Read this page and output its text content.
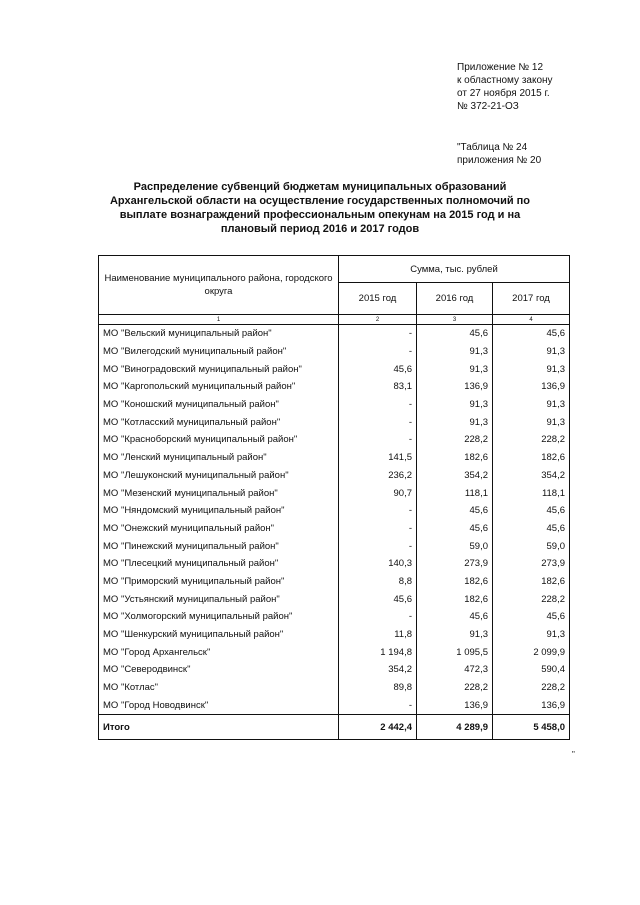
Приложение № 12
к областному закону
от 27 ноября 2015 г.
№ 372-21-ОЗ
"Таблица № 24
приложения № 20
Распределение субвенций бюджетам муниципальных образований Архангельской области на осуществление государственных полномочий по выплате вознаграждений профессиональным опекунам на 2015 год и на плановый период 2016 и 2017 годов
Наименование муниципального района, городского округа	Сумма, тыс. рублей		
	2015 год	2016 год	2017 год
1	2	3	4
МО "Вельский муниципальный район"	-	45,6	45,6
МО "Вилегодский муниципальный район"	-	91,3	91,3
МО "Виноградовский муниципальный район"	45,6	91,3	91,3
МО "Каргопольский муниципальный район"	83,1	136,9	136,9
МО "Коношский муниципальный район"	-	91,3	91,3
МО "Котласский муниципальный район"	-	91,3	91,3
МО "Красноборский муниципальный район"	-	228,2	228,2
МО "Ленский муниципальный район"	141,5	182,6	182,6
МО "Лешуконский муниципальный район"	236,2	354,2	354,2
МО "Мезенский муниципальный район"	90,7	118,1	118,1
МО "Няндомский муниципальный район"	-	45,6	45,6
МО "Онежский муниципальный район"	-	45,6	45,6
МО "Пинежский муниципальный район"	-	59,0	59,0
МО "Плесецкий муниципальный район"	140,3	273,9	273,9
МО "Приморский муниципальный район"	8,8	182,6	182,6
МО "Устьянский муниципальный район"	45,6	182,6	228,2
МО "Холмогорский муниципальный район"	-	45,6	45,6
МО "Шенкурский муниципальный район"	11,8	91,3	91,3
МО "Город Архангельск"	1 194,8	1 095,5	2 099,9
МО "Северодвинск"	354,2	472,3	590,4
МО "Котлас"	89,8	228,2	228,2
МО "Город Новодвинск"	-	136,9	136,9
Итого	2 442,4	4 289,9	5 458,0
"
